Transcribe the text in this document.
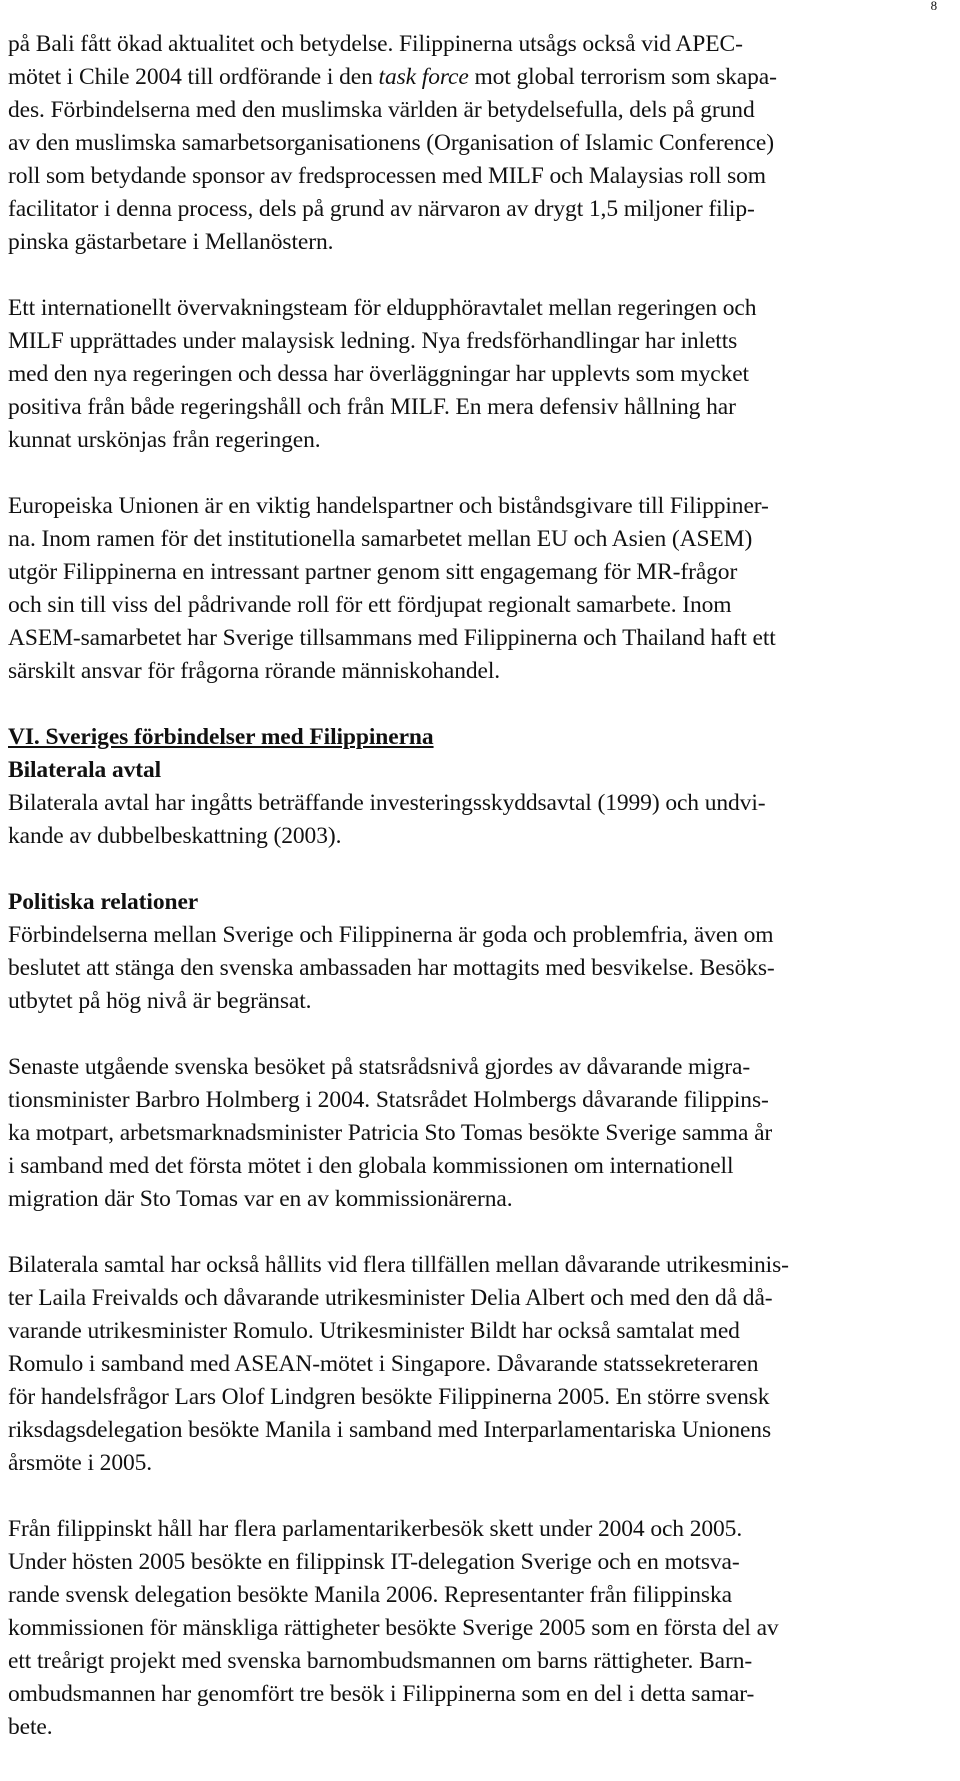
8
på Bali fått ökad aktualitet och betydelse. Filippinerna utsågs också vid APEC-
mötet i Chile 2004 till ordförande i den task force mot global terrorism som skapa-
des. Förbindelserna med den muslimska världen är betydelsefulla, dels på grund
av den muslimska samarbetsorganisationens (Organisation of Islamic Conference)
roll som betydande sponsor av fredsprocessen med MILF och Malaysias roll som
facilitator i denna process, dels på grund av närvaron av drygt 1,5 miljoner filip-
pinska gästarbetare i Mellanöstern.
Ett internationellt övervakningsteam för eldupphöravtalet mellan regeringen och
MILF upprättades under malaysisk ledning. Nya fredsförhandlingar har inletts
med den nya regeringen och dessa har överläggningar har upplevts som mycket
positiva från både regeringshåll och från MILF. En mera defensiv hållning har
kunnat urskönjas från regeringen.
Europeiska Unionen är en viktig handelspartner och biståndsgivare till Filippiner-
na. Inom ramen för det institutionella samarbetet mellan EU och Asien (ASEM)
utgör Filippinerna en intressant partner genom sitt engagemang för MR-frågor
och sin till viss del pådrivande roll för ett fördjupat regionalt samarbete. Inom
ASEM-samarbetet har Sverige tillsammans med Filippinerna och Thailand haft ett
särskilt ansvar för frågorna rörande människohandel.
VI. Sveriges förbindelser med Filippinerna
Bilaterala avtal
Bilaterala avtal har ingåtts beträffande investeringsskyddsavtal (1999) och undvi-
kande av dubbelbeskattning (2003).
Politiska relationer
Förbindelserna mellan Sverige och Filippinerna är goda och problemfria, även om
beslutet att stänga den svenska ambassaden har mottagits med besvikelse. Besöks-
utbytet på hög nivå är begränsat.
Senaste utgående svenska besöket på statsrådsnivå gjordes av dåvarande migra-
tionsminister Barbro Holmberg i 2004. Statsrådet Holmbergs dåvarande filippins-
ka motpart, arbetsmarknadsminister Patricia Sto Tomas besökte Sverige samma år
i samband med det första mötet i den globala kommissionen om internationell
migration där Sto Tomas var en av kommissionärerna.
Bilaterala samtal har också hållits vid flera tillfällen mellan dåvarande utrikesminis-
ter Laila Freivalds och dåvarande utrikesminister Delia Albert och med den då då-
varande utrikesminister Romulo. Utrikesminister Bildt har också samtalat med
Romulo i samband med ASEAN-mötet i Singapore. Dåvarande statssekreteraren
för handelsfrågor Lars Olof Lindgren besökte Filippinerna 2005. En större svensk
riksdagsdelegation besökte Manila i samband med Interparlamentariska Unionens
årsmöte i 2005.
Från filippinskt håll har flera parlamentarikerbesök skett under 2004 och 2005.
Under hösten 2005 besökte en filippinsk IT-delegation Sverige och en motsva-
rande svensk delegation besökte Manila 2006. Representanter från filippinska
kommissionen för mänskliga rättigheter besökte Sverige 2005 som en första del av
ett treårigt projekt med svenska barnombudsmannen om barns rättigheter. Barn-
ombudsmannen har genomfört tre besök i Filippinerna som en del i detta samar-
bete.
